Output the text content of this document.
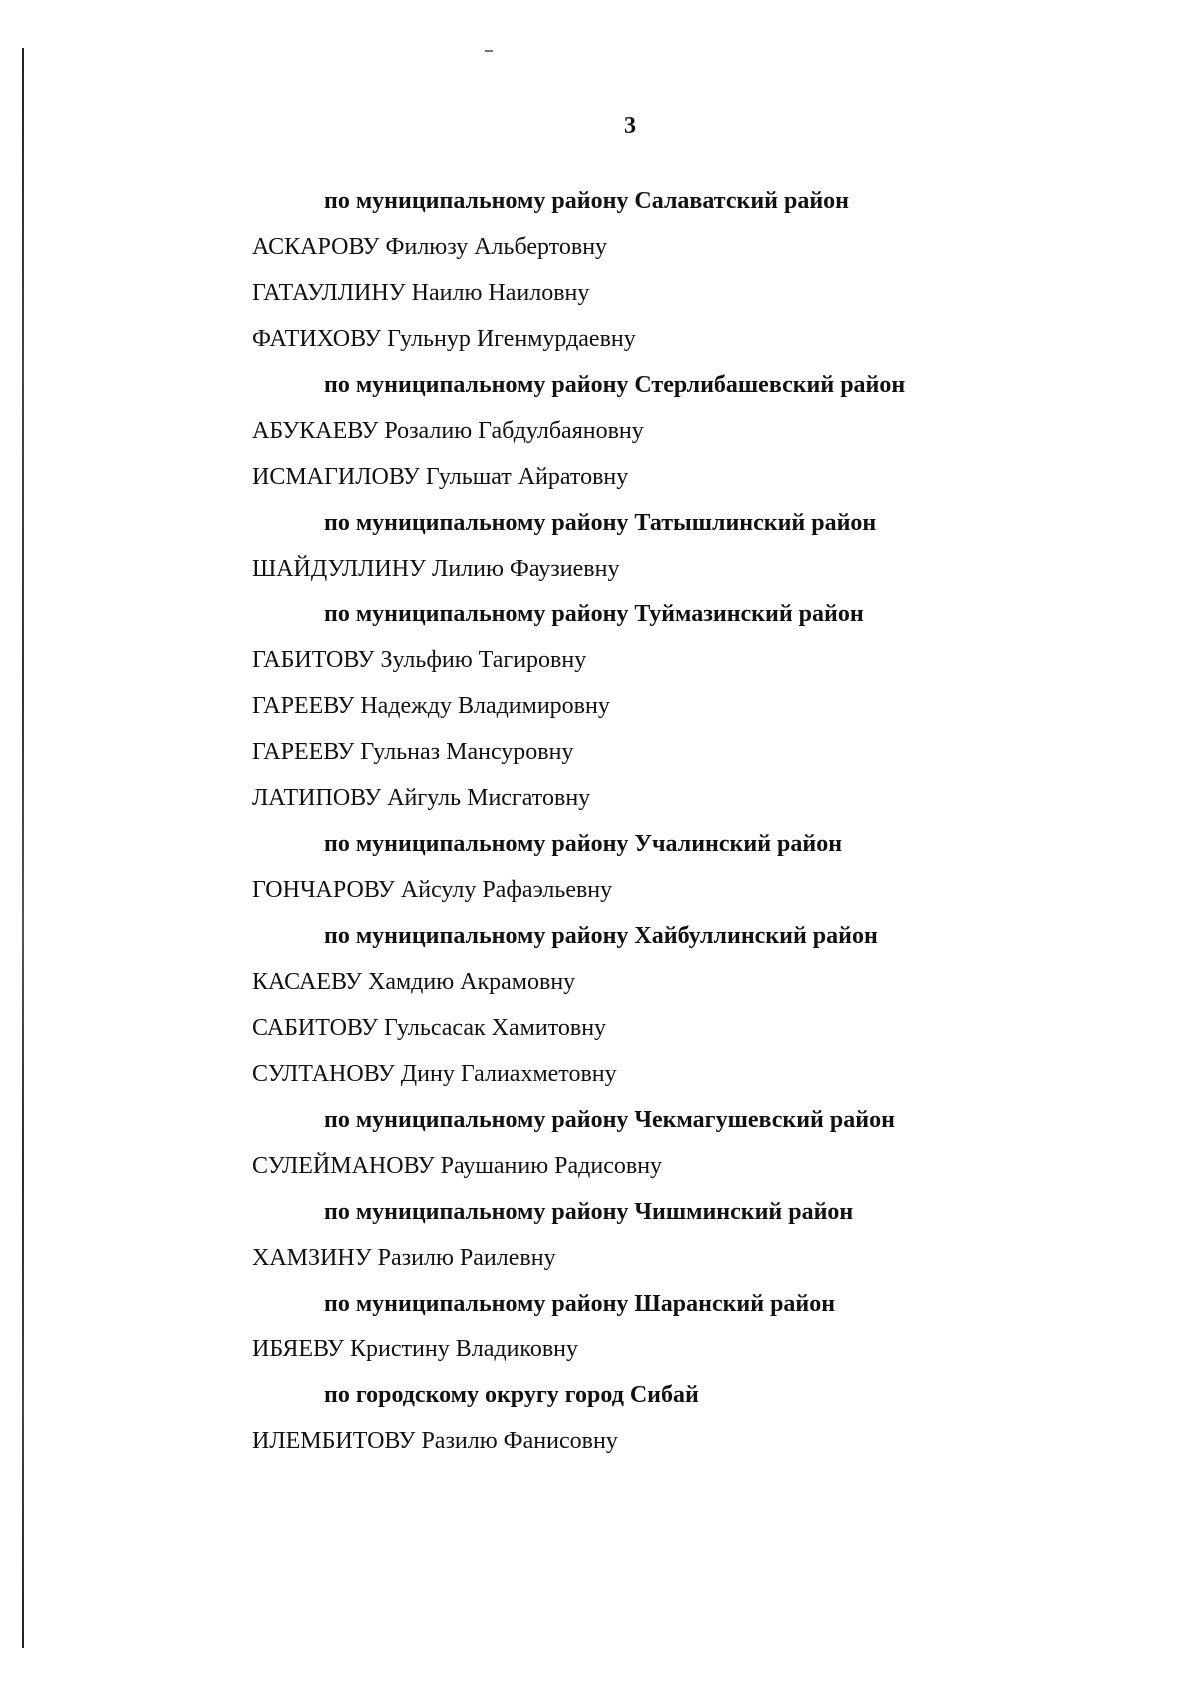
3
по муниципальному району Салаватский район
АСКАРОВУ Филюзу Альбертовну
ГАТАУЛЛИНУ Наилю Наиловну
ФАТИХОВУ Гульнур Игенмурдаевну
по муниципальному району Стерлибашевский район
АБУКАЕВУ Розалию Габдулбаяновну
ИСМАГИЛОВУ Гульшат Айратовну
по муниципальному району Татышлинский район
ШАЙДУЛЛИНУ Лилию Фаузиевну
по муниципальному району Туймазинский район
ГАБИТОВУ Зульфию Тагировну
ГАРЕЕВУ Надежду Владимировну
ГАРЕЕВУ Гульназ Мансуровну
ЛАТИПОВУ Айгуль Мисгатовну
по муниципальному району Учалинский район
ГОНЧАРОВУ Айсулу Рафаэльевну
по муниципальному району Хайбуллинский район
КАСАЕВУ Хамдию Акрамовну
САБИТОВУ Гульсасак Хамитовну
СУЛТАНОВУ Дину Галиахметовну
по муниципальному району Чекмагушевский район
СУЛЕЙМАНОВУ Раушанию Радисовну
по муниципальному району Чишминский район
ХАМЗИНУ Разилю Раилевну
по муниципальному району Шаранский район
ИБЯЕВУ Кристину Владиковну
по городскому округу город Сибай
ИЛЕМБИТОВУ Разилю Фанисовну
